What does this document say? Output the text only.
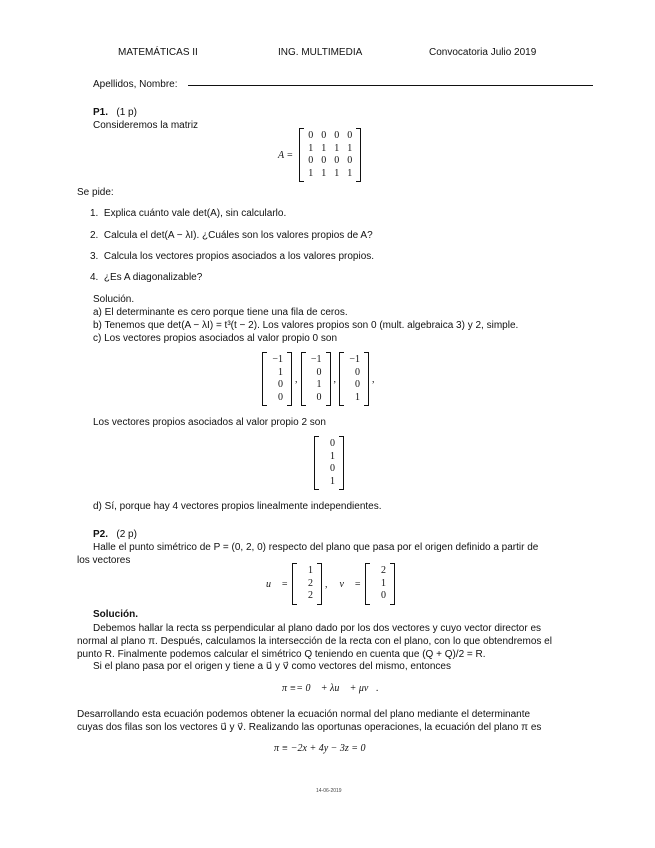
MATEMÁTICAS II	ING. MULTIMEDIA	Convocatoria Julio 2019
Apellidos, Nombre:
P1. (1 p)
Consideremos la matriz
A =
0 0 0 0
1 1 1 1
0 0 0 0
1 1 1 1
Se pide:
1. Explica cuánto vale det(A), sin calcularlo.
2. Calcula el det(A − λI). ¿Cuáles son los valores propios de A?
3. Calcula los vectores propios asociados a los valores propios.
4. ¿Es A diagonalizable?
Solución.
a) El determinante es cero porque tiene una fila de ceros.
b) Tenemos que det(A − λI) = t³(t − 2). Los valores propios son 0 (mult. algebraica 3) y 2, simple.
c) Los vectores propios asociados al valor propio 0 son
−1
1
0
0
,
−1
0
1
0
,
−1
0
0
1
,
Los vectores propios asociados al valor propio 2 son
0
1
0
1
d) Sí, porque hay 4 vectores propios linealmente independientes.
P2. (2 p)
Halle el punto simétrico de P = (0, 2, 0) respecto del plano que pasa por el origen definido a partir de
los vectores
u⃗ =
1
2
2
, v⃗ =
2
1
0
Solución.
Debemos hallar la recta ss perpendicular al plano dado por los dos vectores y cuyo vector director es
normal al plano π. Después, calculamos la intersección de la recta con el plano, con lo que obtendremos el
punto R. Finalmente podemos calcular el simétrico Q teniendo en cuenta que (Q + Q)/2 = R.
Si el plano pasa por el origen y tiene a u⃗ y v⃗ como vectores del mismo, entonces
π ≡= 0⃗ + λu⃗ + μv⃗.
Desarrollando esta ecuación podemos obtener la ecuación normal del plano mediante el determinante
cuyas dos filas son los vectores u⃗ y v⃗. Realizando las oportunas operaciones, la ecuación del plano π es
π ≡ −2x + 4y − 3z = 0
14-06-2019
